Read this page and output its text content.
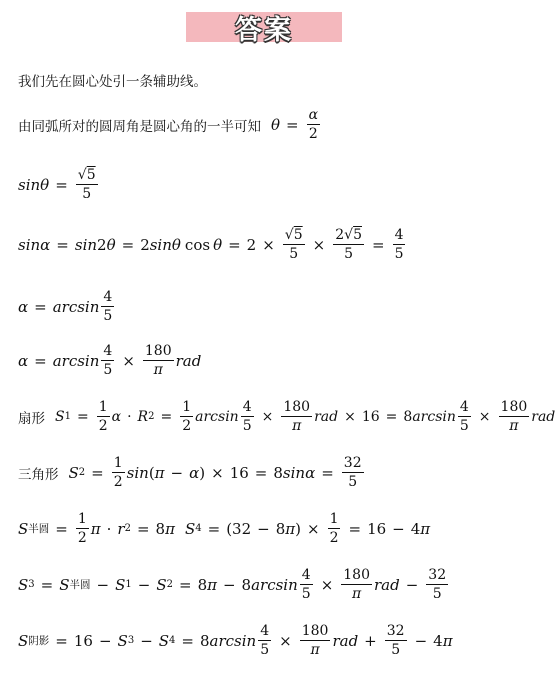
答案
我们先在圆心处引一条辅助线。
由同弧所对的圆周角是圆心角的一半可知 $\theta = \frac{\alpha}{2}$
$\sin \theta = \frac{√5}{5}$
sin α = sin 2 θ = 2 sin θ $\cos \theta = 2 \times \frac{√5}{5} \times \frac{2√5}{5} = \frac{4}{5}$
$\alpha = \arcsin \frac{4}{5}$
$\alpha = \arcsin \frac{4}{5} \times \frac{180}{\pi}$ rad
扇形 S $1 = \frac{1}{2}$ α · R $2 = \frac{1}{2}$ $\arcsin \frac{4}{5} \times \frac{180}{\pi}$ rad × 16 = 8 $\arcsin \frac{4}{5} \times \frac{180}{\pi}$ rad
三角形 S $2 = \frac{1}{2}$ sin ( π − α ) × 16 = 8 $\sin \alpha = \frac{32}{5}$
S 半圆 = $\frac{1}{2}$ π · r 2 = 8 π S 4 = ( 32 − 8 π ) × $\frac{1}{2} = 16 - 4$ π
S 3 = S 半圆 − S 1 − S 2 = 8 π − 8 $\arcsin \frac{4}{5} \times \frac{180}{\pi}$ rad − $\frac{32}{5}$
S 阴影 = 16 − S 3 − S 4 = 8 $\arcsin \frac{4}{5} \times \frac{180}{\pi}$ rad + $\frac{32}{5} - 4$ π
